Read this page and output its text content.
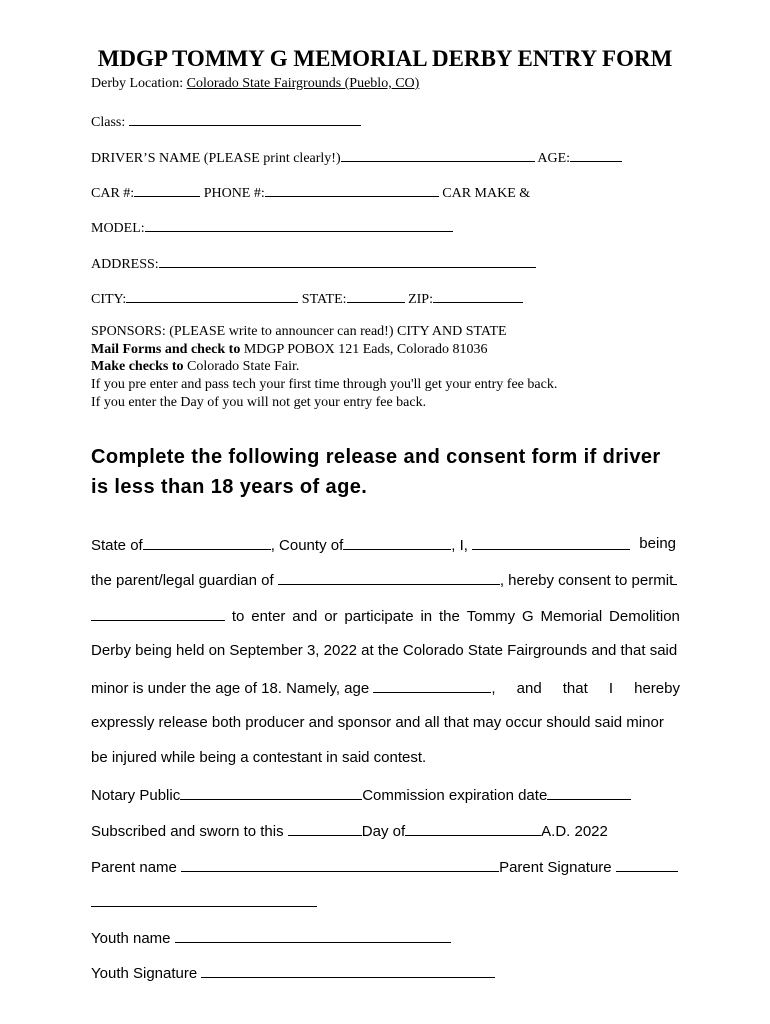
MDGP TOMMY G MEMORIAL DERBY ENTRY FORM
Derby Location: Colorado State Fairgrounds (Pueblo, CO)
Class:
DRIVER’S NAME (PLEASE print clearly!)	AGE:
CAR #:	PHONE #:	CAR MAKE &
MODEL:
ADDRESS:
CITY:	STATE:	ZIP:
SPONSORS: (PLEASE write to announcer can read!) CITY AND STATE
Mail Forms and check to MDGP POBOX 121 Eads, Colorado 81036
Make checks to Colorado State Fair.
If you pre enter and pass tech your first time through you'll get your entry fee back.
If you enter the Day of you will not get your entry fee back.
Complete the following release and consent form if driver is less than 18 years of age.
State of	, County of	, I,	being
the parent/legal guardian of	, hereby consent to permit
to enter and or participate in the Tommy G Memorial Demolition
Derby being held on September 3, 2022 at the Colorado State Fairgrounds and that said
minor is under the age of 18. Namely, age	, and that I hereby
expressly release both producer and sponsor and all that may occur should said minor
be injured while being a contestant in said contest.
Notary Public	Commission expiration date
Subscribed and sworn to this	Day of	A.D. 2022
Parent name	Parent Signature
Youth name
Youth Signature
